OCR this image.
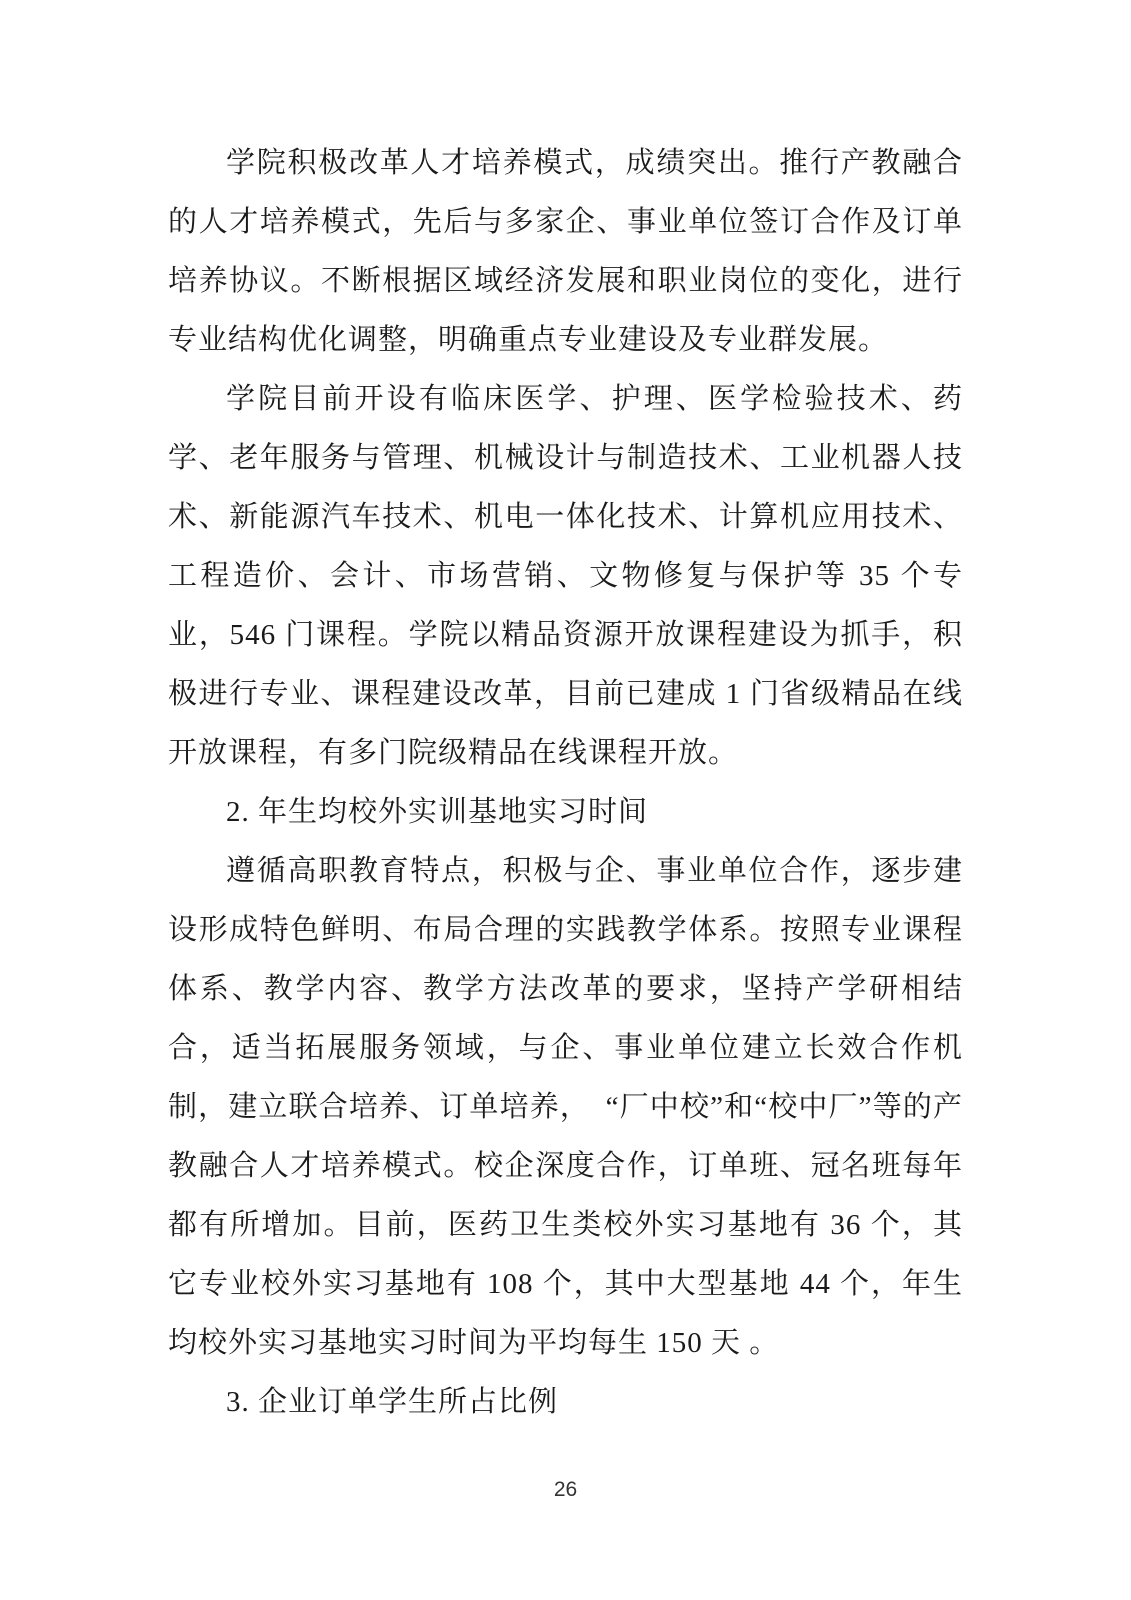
学院积极改革人才培养模式，成绩突出。推行产教融合的人才培养模式，先后与多家企、事业单位签订合作及订单培养协议。不断根据区域经济发展和职业岗位的变化，进行专业结构优化调整，明确重点专业建设及专业群发展。

学院目前开设有临床医学、护理、医学检验技术、药学、老年服务与管理、机械设计与制造技术、工业机器人技术、新能源汽车技术、机电一体化技术、计算机应用技术、工程造价、会计、市场营销、文物修复与保护等 35 个专业，546 门课程。学院以精品资源开放课程建设为抓手，积极进行专业、课程建设改革，目前已建成 1 门省级精品在线开放课程，有多门院级精品在线课程开放。

2. 年生均校外实训基地实习时间

遵循高职教育特点，积极与企、事业单位合作，逐步建设形成特色鲜明、布局合理的实践教学体系。按照专业课程体系、教学内容、教学方法改革的要求，坚持产学研相结合，适当拓展服务领域，与企、事业单位建立长效合作机制，建立联合培养、订单培养，　“厂中校”和“校中厂”等的产教融合人才培养模式。校企深度合作，订单班、冠名班每年都有所增加。目前，医药卫生类校外实习基地有 36 个，其它专业校外实习基地有 108 个，其中大型基地 44 个，年生均校外实习基地实习时间为平均每生 150 天 。

3. 企业订单学生所占比例

26
